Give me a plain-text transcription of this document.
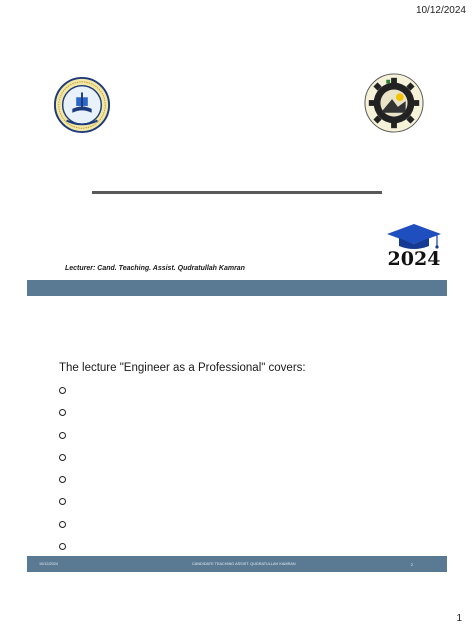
10/12/2024
Lecturer: Cand. Teaching. Assist. Qudratullah Kamran	2024
The lecture "Engineer as a Professional" covers:
10/12/2024	CANDIDATE TEACHING ASSIST. QUDRATULLAH KAMRAN	2
1
